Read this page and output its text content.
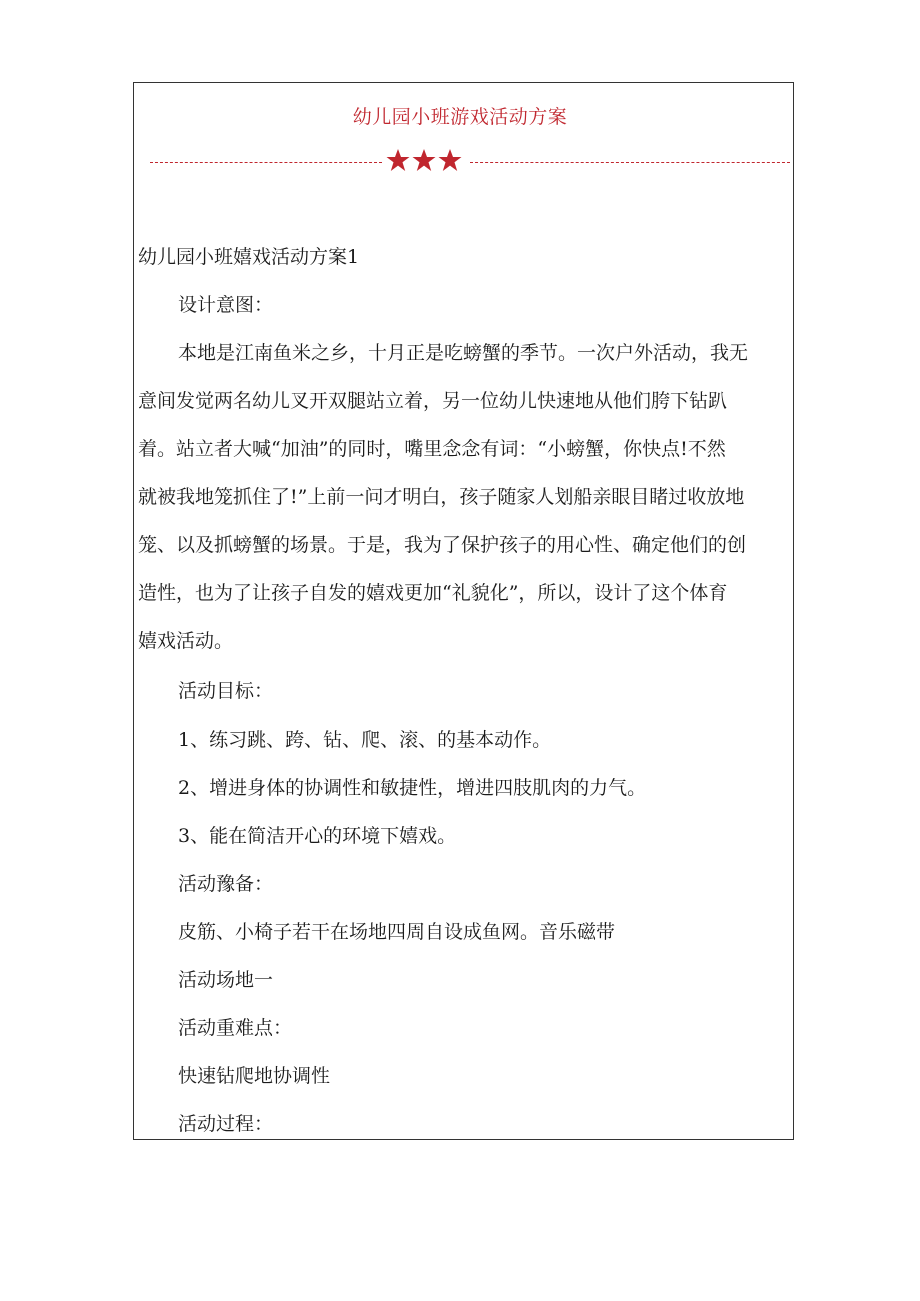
幼儿园小班游戏活动方案
幼儿园小班嬉戏活动方案1
设计意图：
本地是江南鱼米之乡，十月正是吃螃蟹的季节。一次户外活动，我无
意间发觉两名幼儿叉开双腿站立着，另一位幼儿快速地从他们胯下钻趴
着。站立者大喊“加油”的同时，嘴里念念有词：“小螃蟹，你快点!不然
就被我地笼抓住了!”上前一问才明白，孩子随家人划船亲眼目睹过收放地
笼、以及抓螃蟹的场景。于是，我为了保护孩子的用心性、确定他们的创
造性，也为了让孩子自发的嬉戏更加“礼貌化”，所以，设计了这个体育
嬉戏活动。
活动目标：
1、练习跳、跨、钻、爬、滚、的基本动作。
2、增进身体的协调性和敏捷性，增进四肢肌肉的力气。
3、能在简洁开心的环境下嬉戏。
活动豫备：
皮筋、小椅子若干在场地四周自设成鱼网。音乐磁带
活动场地一
活动重难点：
快速钻爬地协调性
活动过程：
